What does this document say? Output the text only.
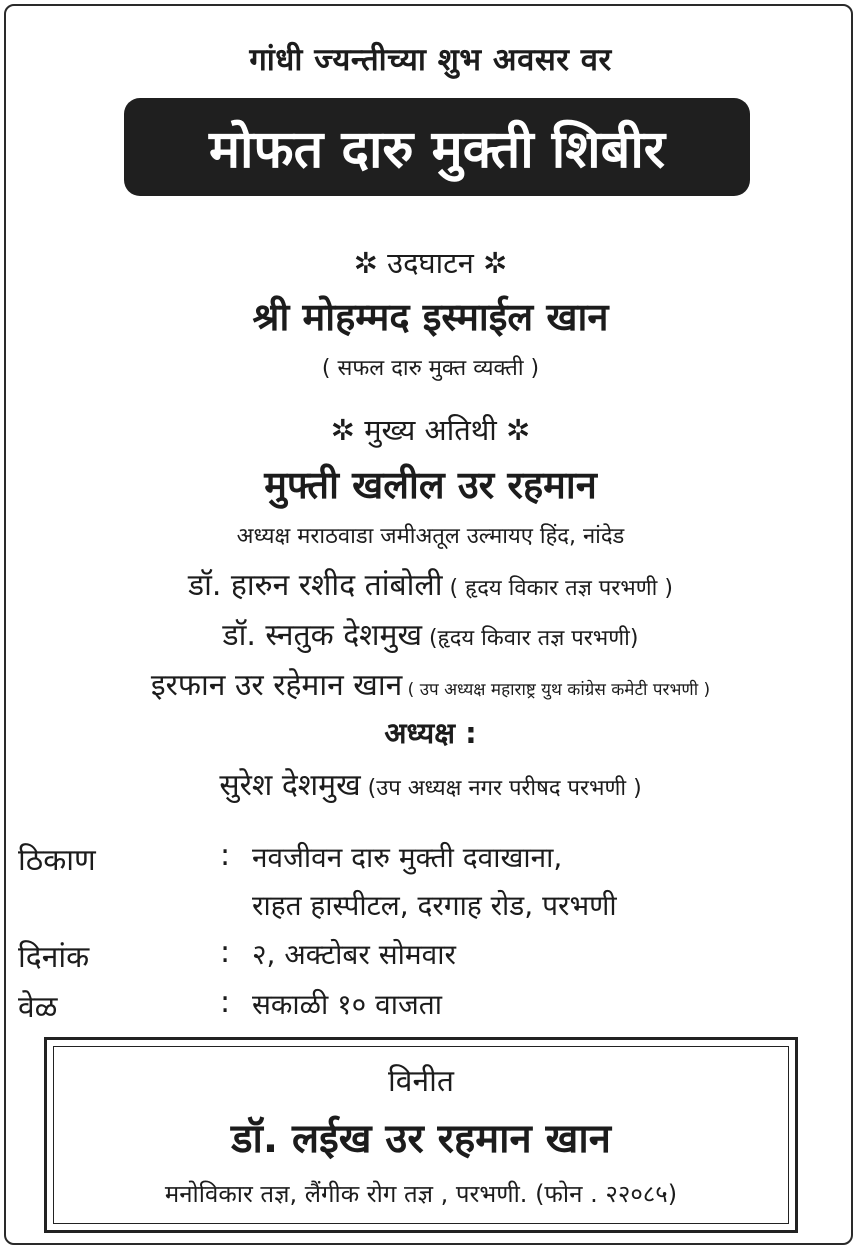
गांधी ज्यन्तीच्या शुभ अवसर वर
मोफत दारु मुक्ती शिबीर
✲ उदघाटन ✲
श्री मोहम्मद इस्माईल खान
( सफल दारु मुक्त व्यक्ती )
✲ मुख्य अतिथी ✲
मुफ्ती खलील उर रहमान
अध्यक्ष मराठवाडा जमीअतूल उल्मायए हिंद, नांदेड
डॉ. हारुन रशीद तांबोली ( हृदय विकार तज्ञ परभणी )
डॉ. स्नतुक देशमुख (हृदय किवार तज्ञ परभणी)
इरफान उर रहेमान खान ( उप अध्यक्ष महाराष्ट्र युथ कांग्रेस कमेटी परभणी )
अध्यक्ष :
सुरेश देशमुख (उप अध्यक्ष नगर परीषद परभणी )
ठिकाण	: नवजीवन दारु मुक्ती दवाखाना,
राहत हास्पीटल, दरगाह रोड, परभणी
दिनांक	: २, अक्टोबर सोमवार
वेळ	: सकाळी १० वाजता
विनीत
डॉ. लईख उर रहमान खान
मनोविकार तज्ञ, लैंगीक रोग तज्ञ , परभणी. (फोन . २२०८५)
